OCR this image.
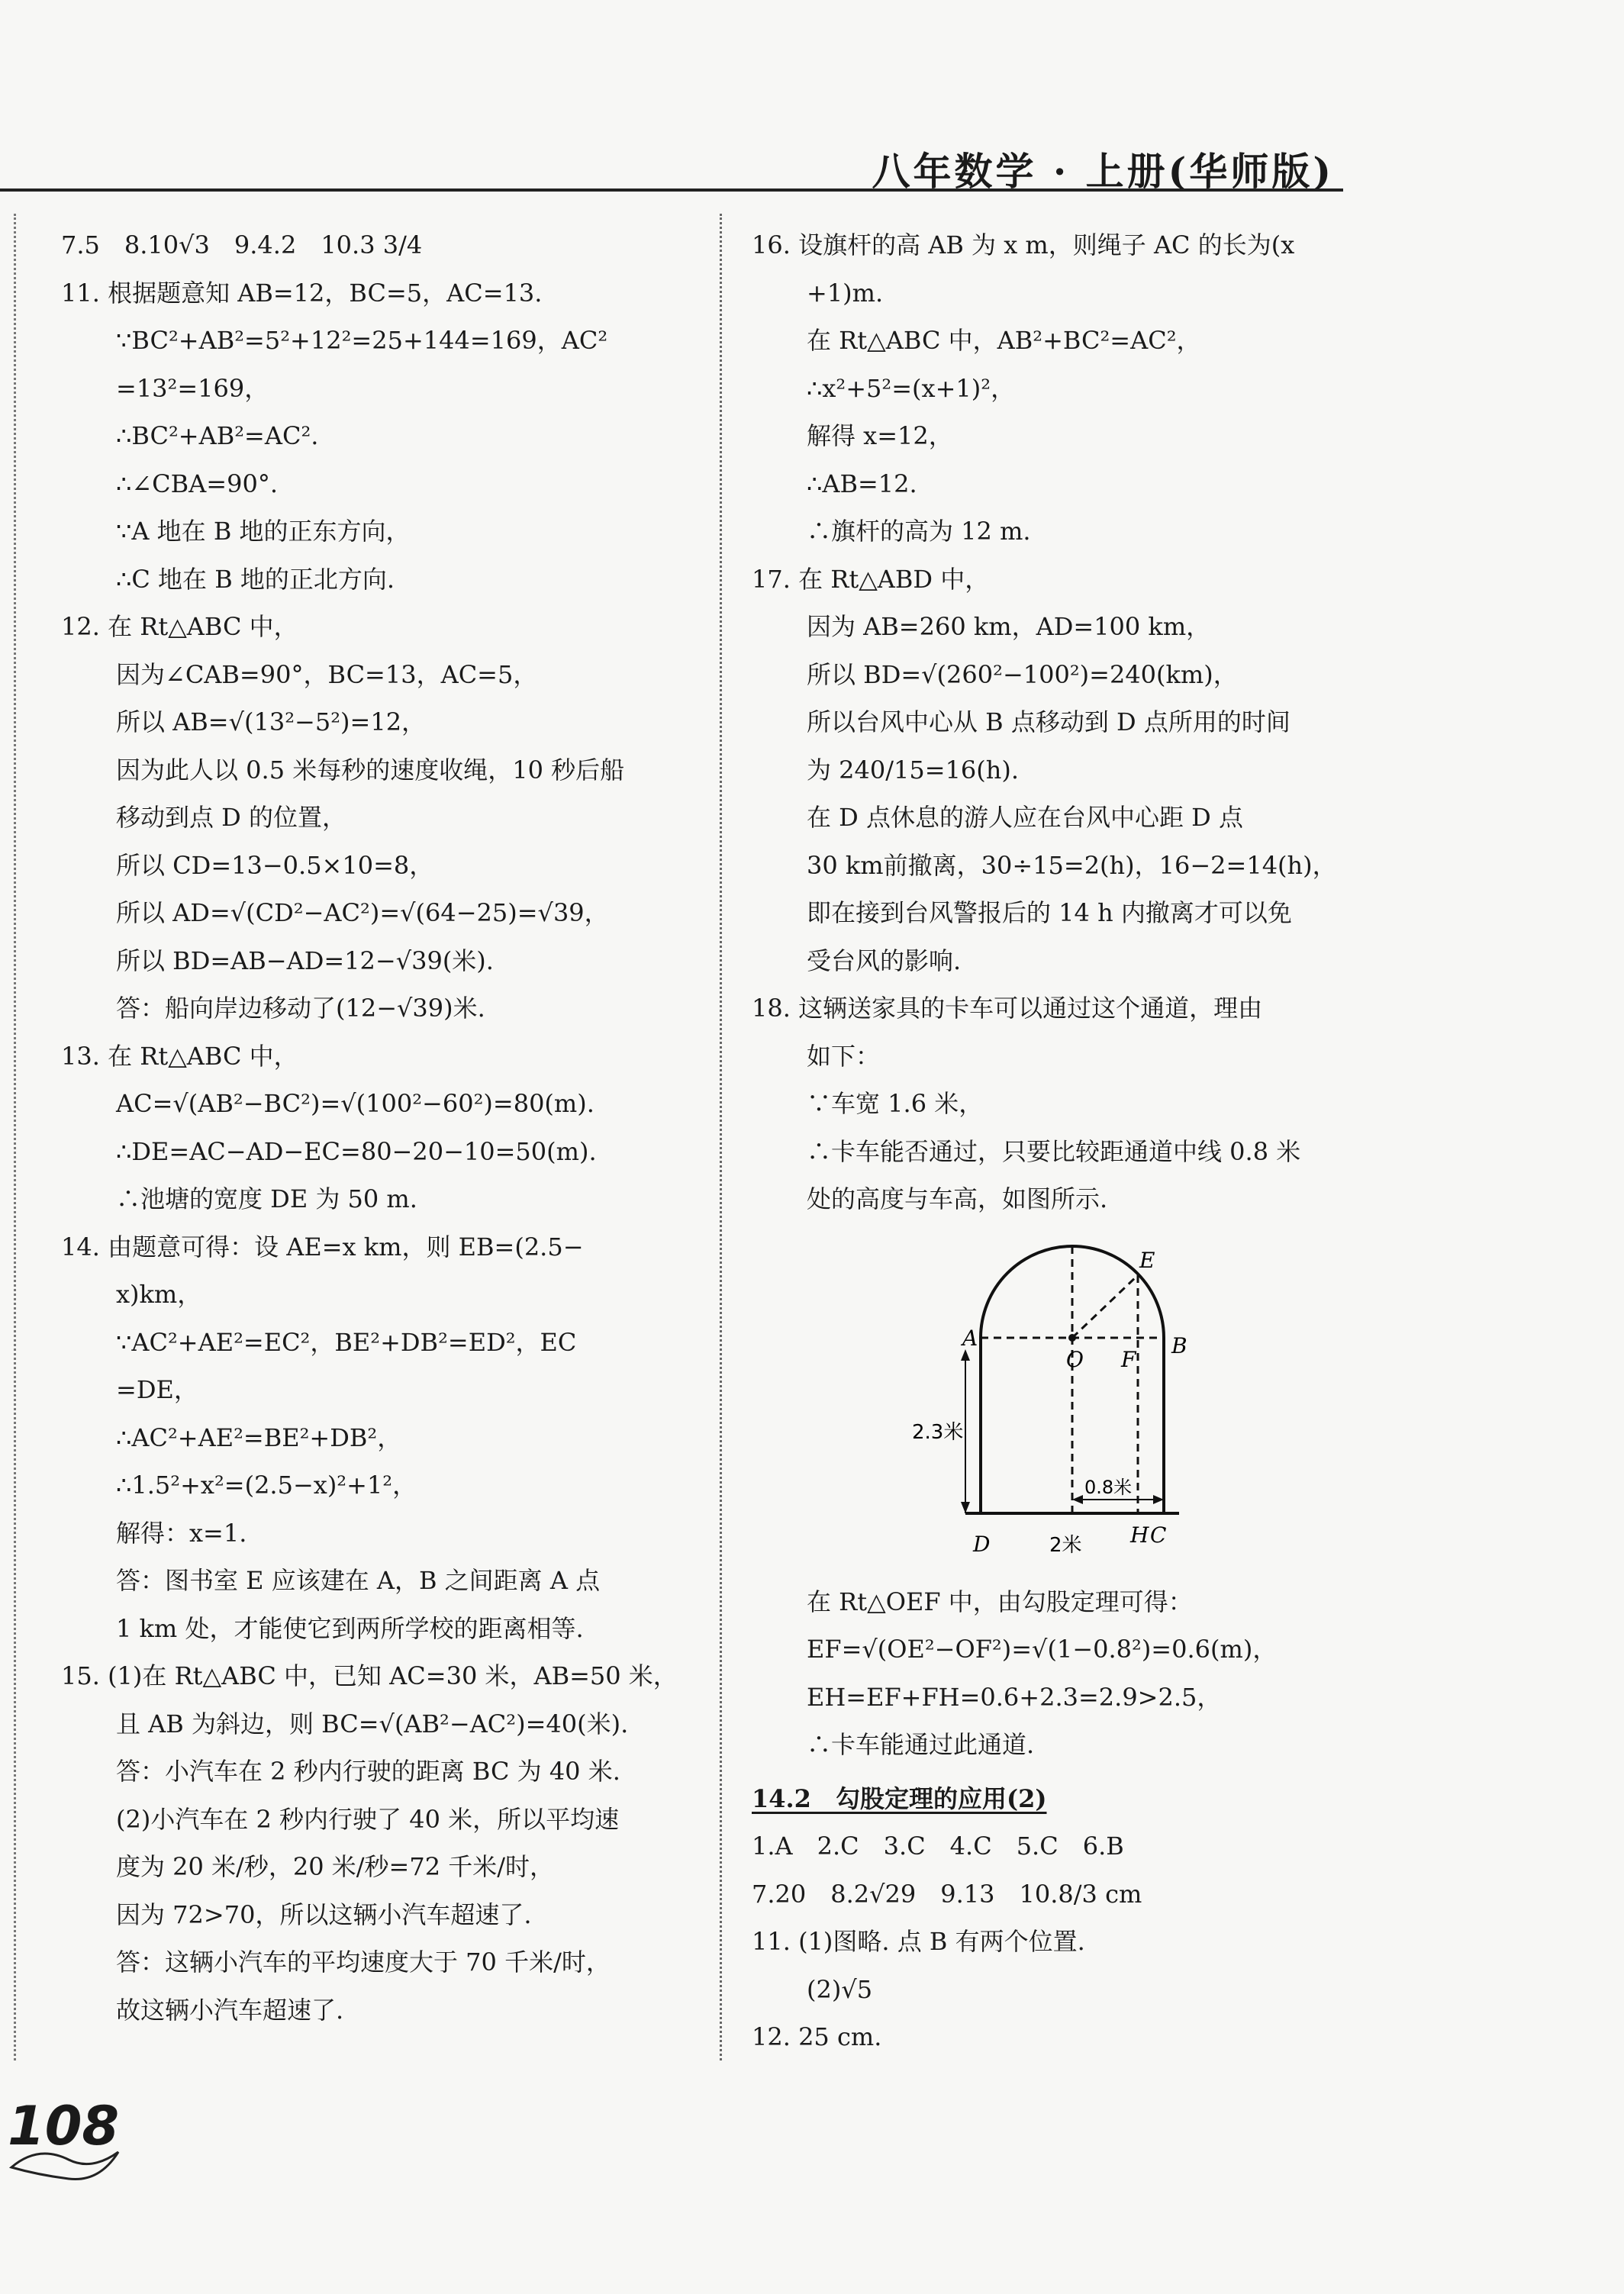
八年数学 · 上册(华师版)
7.5　8.10√3　9.4.2　10.3 3/4
11. 根据题意知 AB=12，BC=5，AC=13.
∵BC²+AB²=5²+12²=25+144=169，AC²
=13²=169，
∴BC²+AB²=AC².
∴∠CBA=90°.
∵A 地在 B 地的正东方向，
∴C 地在 B 地的正北方向.
12. 在 Rt△ABC 中，
因为∠CAB=90°，BC=13，AC=5，
所以 AB=√(13²−5²)=12，
因为此人以 0.5 米每秒的速度收绳，10 秒后船
移动到点 D 的位置，
所以 CD=13−0.5×10=8，
所以 AD=√(CD²−AC²)=√(64−25)=√39，
所以 BD=AB−AD=12−√39(米).
答：船向岸边移动了(12−√39)米.
13. 在 Rt△ABC 中，
AC=√(AB²−BC²)=√(100²−60²)=80(m).
∴DE=AC−AD−EC=80−20−10=50(m).
∴池塘的宽度 DE 为 50 m.
14. 由题意可得：设 AE=x km，则 EB=(2.5−
x)km，
∵AC²+AE²=EC²，BE²+DB²=ED²，EC
=DE，
∴AC²+AE²=BE²+DB²，
∴1.5²+x²=(2.5−x)²+1²，
解得：x=1.
答：图书室 E 应该建在 A，B 之间距离 A 点
1 km 处，才能使它到两所学校的距离相等.
15. (1)在 Rt△ABC 中，已知 AC=30 米，AB=50 米，
且 AB 为斜边，则 BC=√(AB²−AC²)=40(米).
答：小汽车在 2 秒内行驶的距离 BC 为 40 米.
(2)小汽车在 2 秒内行驶了 40 米，所以平均速
度为 20 米/秒，20 米/秒=72 千米/时，
因为 72>70，所以这辆小汽车超速了.
答：这辆小汽车的平均速度大于 70 千米/时，
故这辆小汽车超速了.
16. 设旗杆的高 AB 为 x m，则绳子 AC 的长为(x
+1)m.
在 Rt△ABC 中，AB²+BC²=AC²，
∴x²+5²=(x+1)²，
解得 x=12，
∴AB=12.
∴旗杆的高为 12 m.
17. 在 Rt△ABD 中，
因为 AB=260 km，AD=100 km，
所以 BD=√(260²−100²)=240(km)，
所以台风中心从 B 点移动到 D 点所用的时间
为 240/15=16(h).
在 D 点休息的游人应在台风中心距 D 点
30 km前撤离，30÷15=2(h)，16−2=14(h)，
即在接到台风警报后的 14 h 内撤离才可以免
受台风的影响.
18. 这辆送家具的卡车可以通过这个通道，理由
如下：
∵车宽 1.6 米，
∴卡车能否通过，只要比较距通道中线 0.8 米
处的高度与车高，如图所示.
A	B
E
O F
D	H C
2.3米
2米
0.8米
在 Rt△OEF 中，由勾股定理可得：
EF=√(OE²−OF²)=√(1−0.8²)=0.6(m)，
EH=EF+FH=0.6+2.3=2.9>2.5，
∴卡车能通过此通道.
14.2　勾股定理的应用(2)
1.A　2.C　3.C　4.C　5.C　6.B
7.20　8.2√29　9.13　10.8/3 cm
11. (1)图略. 点 B 有两个位置.
(2)√5
12. 25 cm.
108
